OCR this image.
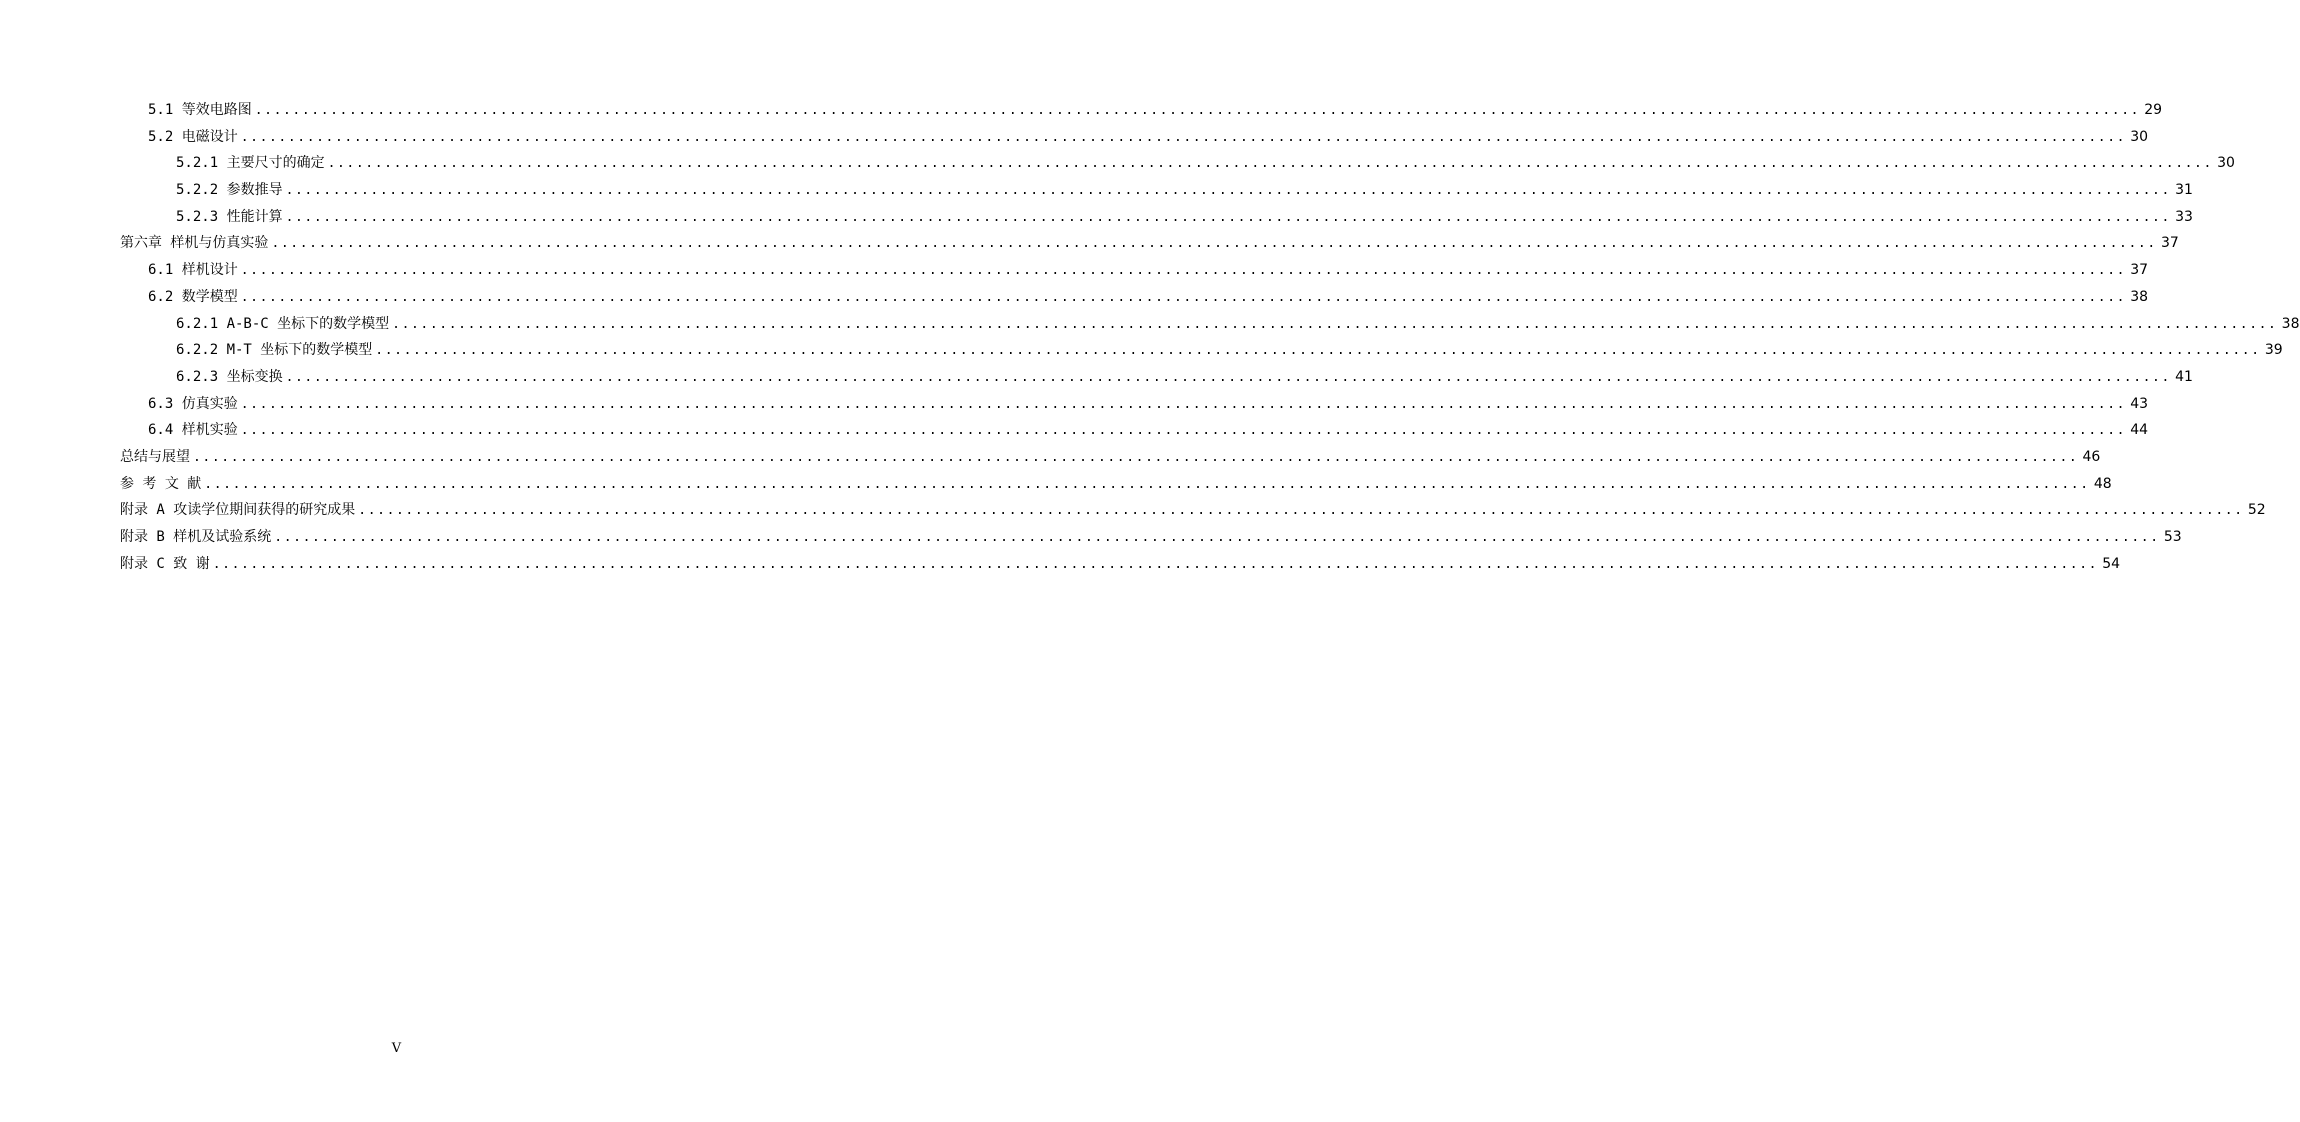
5.1 等效电路图 ........................................................................................................................................................................................................ 29
5.2 电磁设计 ........................................................................................................................................................................................................ 30
5.2.1 主要尺寸的确定 ........................................................................................................................................................................................................ 30
5.2.2 参数推导 ........................................................................................................................................................................................................ 31
5.2.3 性能计算 ........................................................................................................................................................................................................ 33
第六章 样机与仿真实验 ........................................................................................................................................................................................................ 37
6.1 样机设计 ........................................................................................................................................................................................................ 37
6.2 数学模型 ........................................................................................................................................................................................................ 38
6.2.1 A-B-C 坐标下的数学模型 ........................................................................................................................................................................................................ 38
6.2.2 M-T 坐标下的数学模型 ........................................................................................................................................................................................................ 39
6.2.3 坐标变换 ........................................................................................................................................................................................................ 41
6.3 仿真实验 ........................................................................................................................................................................................................ 43
6.4 样机实验 ........................................................................................................................................................................................................ 44
总结与展望 ........................................................................................................................................................................................................ 46
参 考 文 献 ........................................................................................................................................................................................................ 48
附录 A 攻读学位期间获得的研究成果 ........................................................................................................................................................................................................ 52
附录 B 样机及试验系统 ........................................................................................................................................................................................................ 53
附录 C 致 谢 ........................................................................................................................................................................................................ 54
V
